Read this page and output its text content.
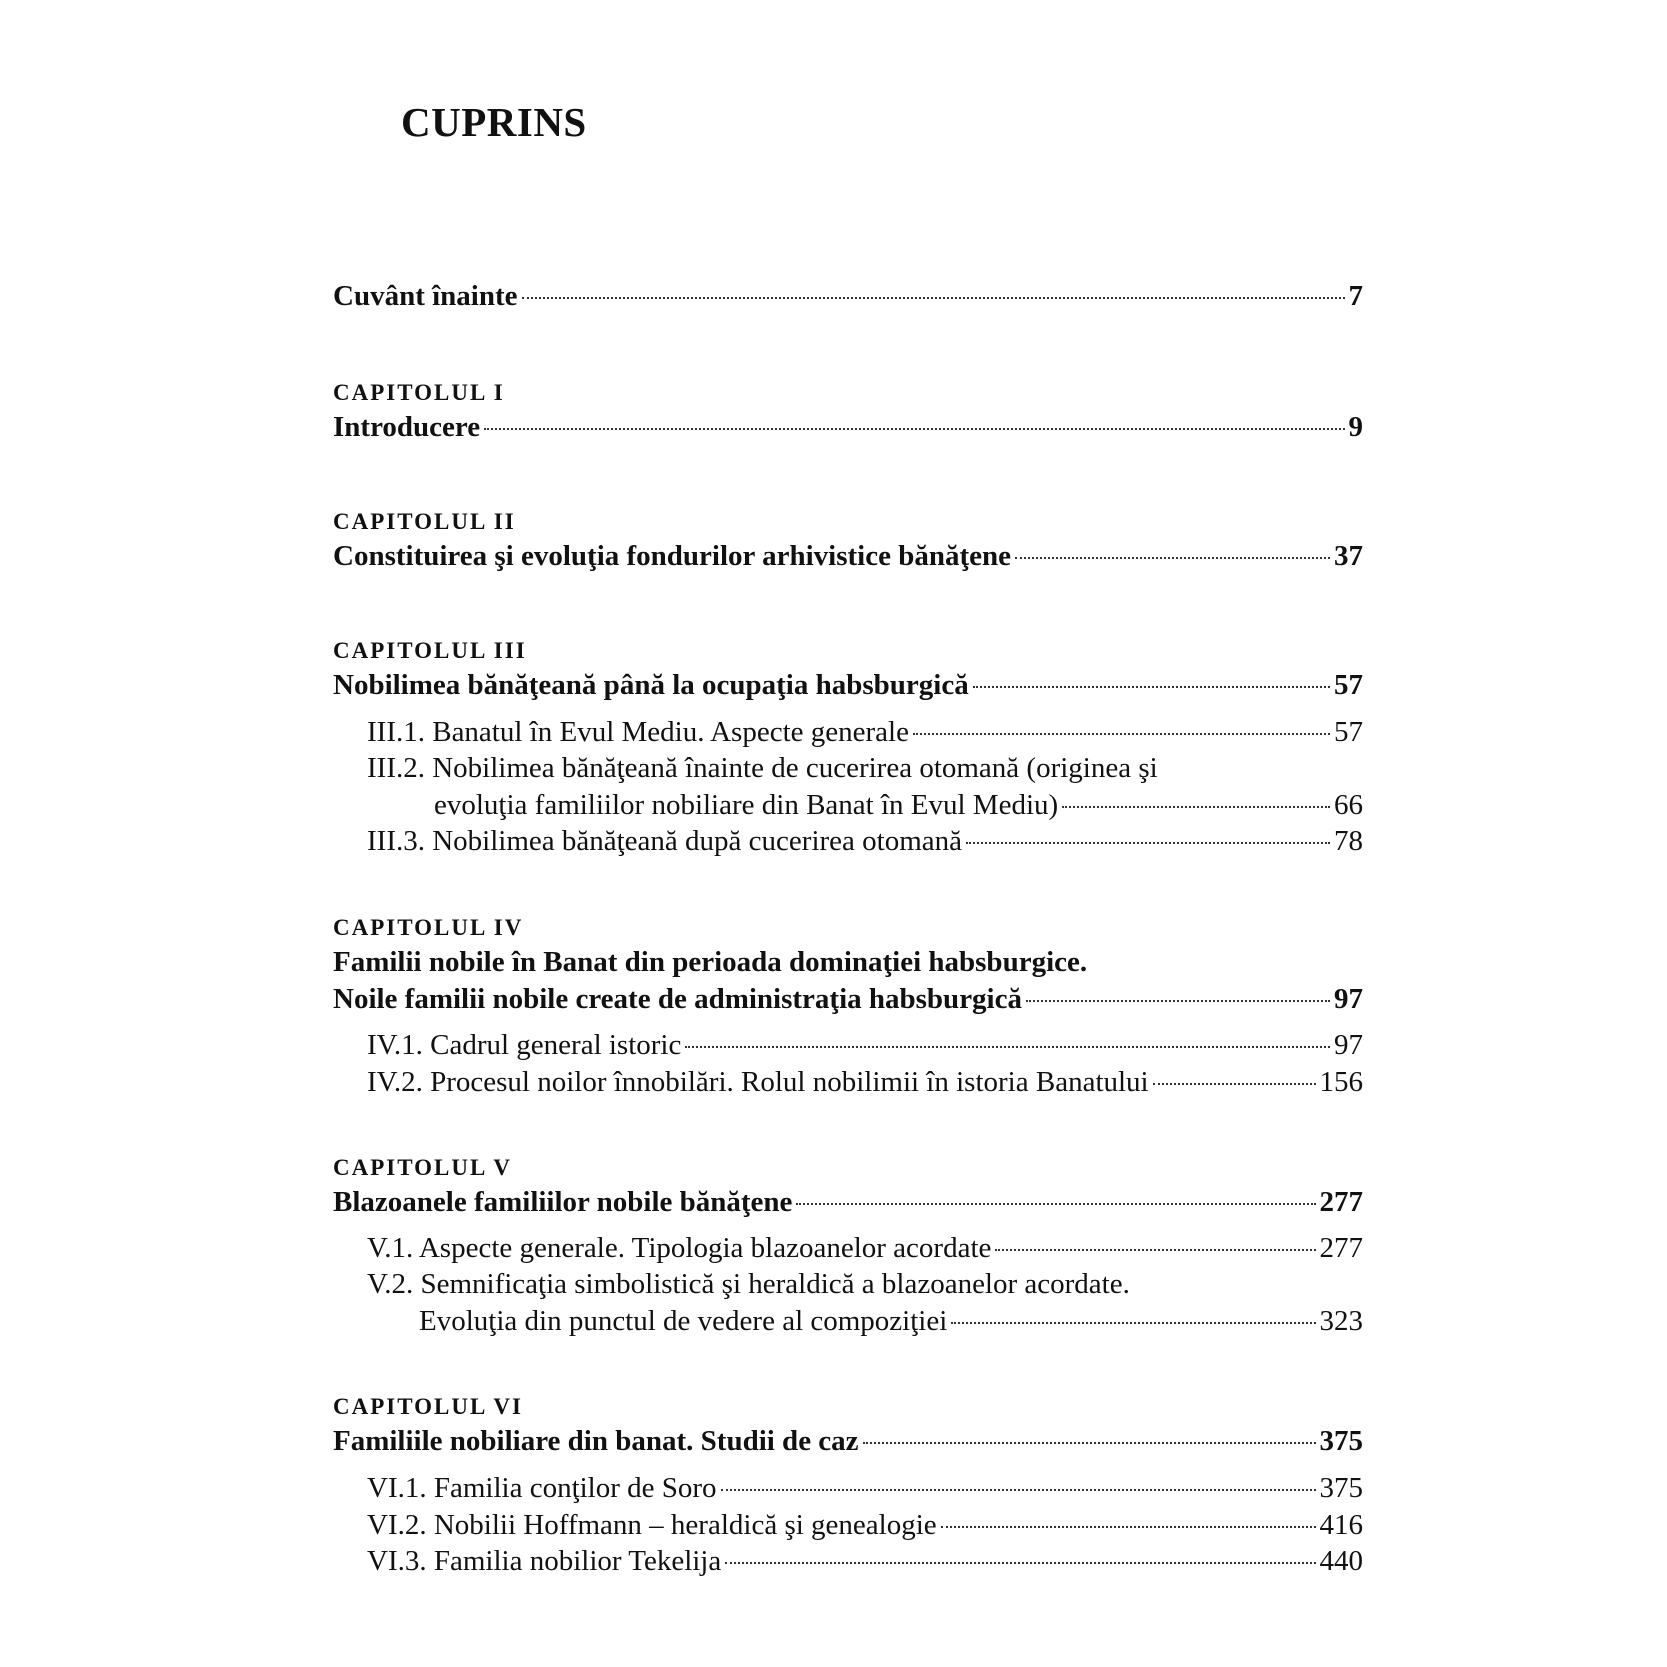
CUPRINS
Cuvânt înainte	7
CAPITOLUL I
Introducere	9
CAPITOLUL II
Constituirea şi evoluţia fondurilor arhivistice bănăţene	37
CAPITOLUL III
Nobilimea bănăţeană până la ocupaţia habsburgică	57
III.1. Banatul în Evul Mediu. Aspecte generale	57
III.2. Nobilimea bănăţeană înainte de cucerirea otomană (originea şi
evoluţia familiilor nobiliare din Banat în Evul Mediu)	66
III.3. Nobilimea bănăţeană după cucerirea otomană	78
CAPITOLUL IV
Familii nobile în Banat din perioada dominaţiei habsburgice.
Noile familii nobile create de administraţia habsburgică	97
IV.1. Cadrul general istoric	97
IV.2. Procesul noilor înnobilări. Rolul nobilimii în istoria Banatului	156
CAPITOLUL V
Blazoanele familiilor nobile bănăţene	277
V.1. Aspecte generale. Tipologia blazoanelor acordate	277
V.2. Semnificaţia simbolistică şi heraldică a blazoanelor acordate.
Evoluţia din punctul de vedere al compoziţiei	323
CAPITOLUL VI
Familiile nobiliare din banat. Studii de caz	375
VI.1. Familia conţilor de Soro	375
VI.2. Nobilii Hoffmann – heraldică şi genealogie	416
VI.3. Familia nobilior Tekelija	440
